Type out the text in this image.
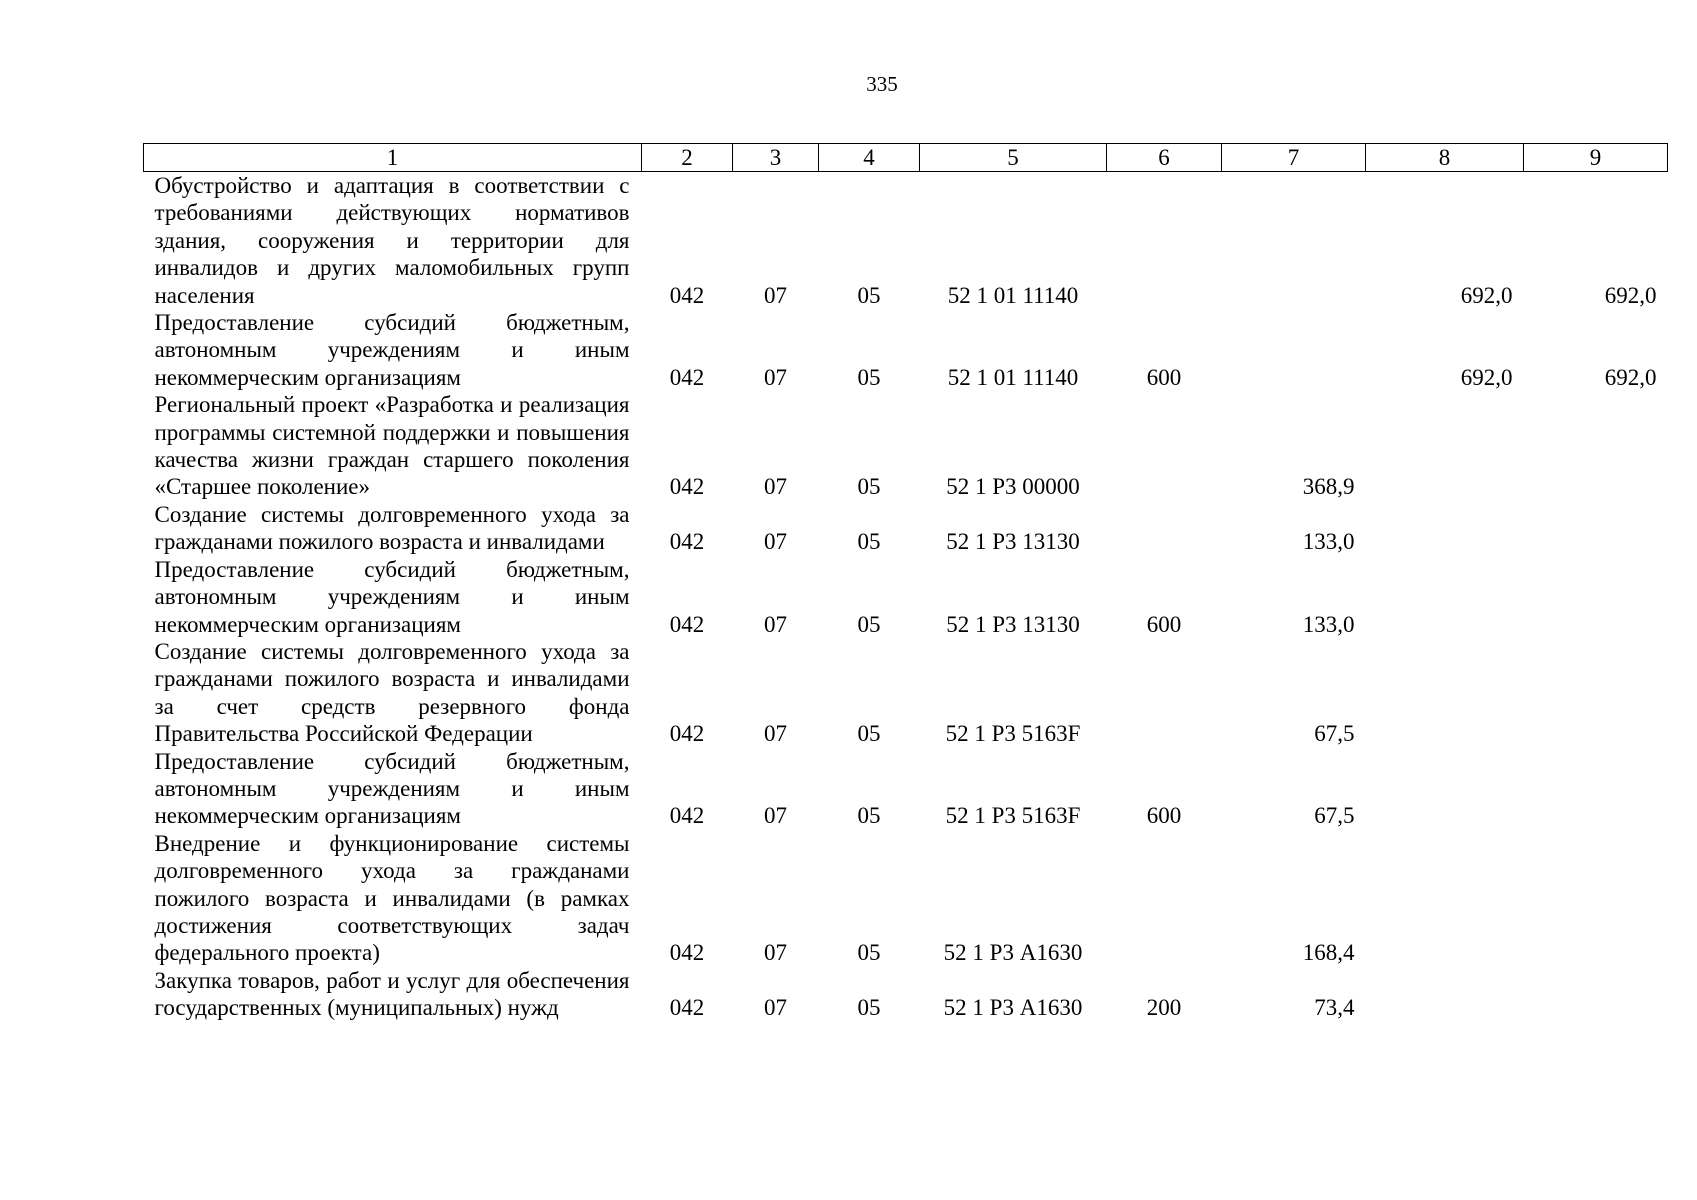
335
1	2	3	4	5	6	7	8	9
Обустройство и адаптация в соответствии с требованиями действующих нормативов здания, сооружения и территории для инвалидов и других маломобильных групп населения	042	07	05	52 1 01 11140			692,0	692,0
Предоставление субсидий бюджетным, автономным учреждениям и иным некоммерческим организациям	042	07	05	52 1 01 11140	600		692,0	692,0
Региональный проект «Разработка и реализация программы системной поддержки и повышения качества жизни граждан старшего поколения «Старшее поколение»	042	07	05	52 1 Р3 00000		368,9		
Создание системы долговременного ухода за гражданами пожилого возраста и инвалидами	042	07	05	52 1 Р3 13130		133,0		
Предоставление субсидий бюджетным, автономным учреждениям и иным некоммерческим организациям	042	07	05	52 1 Р3 13130	600	133,0		
Создание системы долговременного ухода за гражданами пожилого возраста и инвалидами за счет средств резервного фонда Правительства Российской Федерации	042	07	05	52 1 Р3 5163F		67,5		
Предоставление субсидий бюджетным, автономным учреждениям и иным некоммерческим организациям	042	07	05	52 1 Р3 5163F	600	67,5		
Внедрение и функционирование системы долговременного ухода за гражданами пожилого возраста и инвалидами (в рамках достижения соответствующих задач федерального проекта)	042	07	05	52 1 Р3 А1630		168,4		
Закупка товаров, работ и услуг для обеспечения государственных (муниципальных) нужд	042	07	05	52 1 Р3 А1630	200	73,4		
